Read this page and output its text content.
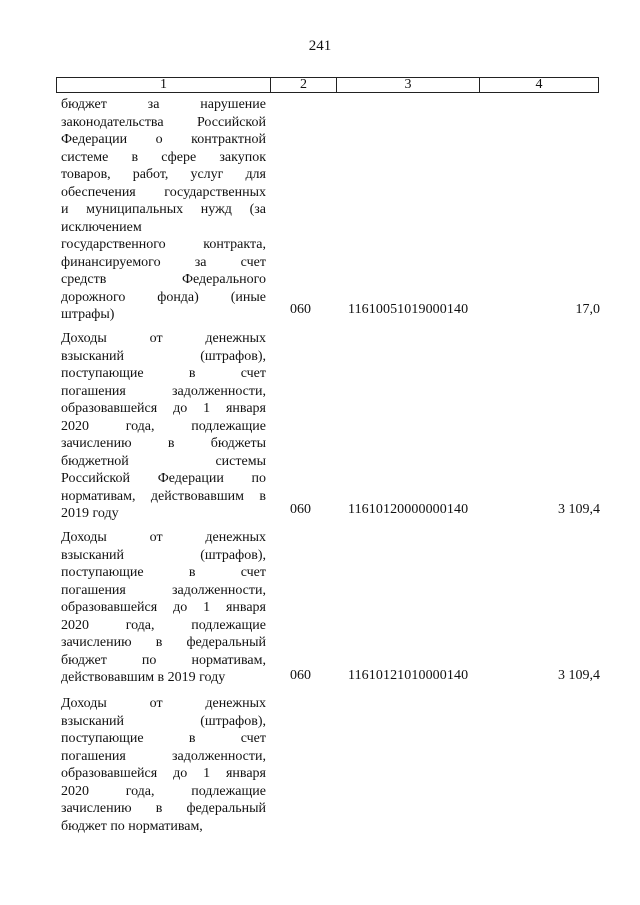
241
1	2	3	4
бюджет за нарушение
законодательства Российской
Федерации о контрактной
системе в сфере закупок
товаров, работ, услуг для
обеспечения государственных
и муниципальных нужд (за
исключением
государственного контракта,
финансируемого за счет
средств Федерального
дорожного фонда) (иные
штрафы)	060	11610051019000140	17,0
Доходы от денежных
взысканий (штрафов),
поступающие в счет
погашения задолженности,
образовавшейся до 1 января
2020 года, подлежащие
зачислению в бюджеты
бюджетной системы
Российской Федерации по
нормативам, действовавшим в
2019 году	060	11610120000000140	3 109,4
Доходы от денежных
взысканий (штрафов),
поступающие в счет
погашения задолженности,
образовавшейся до 1 января
2020 года, подлежащие
зачислению в федеральный
бюджет по нормативам,
действовавшим в 2019 году	060	11610121010000140	3 109,4
Доходы от денежных
взысканий (штрафов),
поступающие в счет
погашения задолженности,
образовавшейся до 1 января
2020 года, подлежащие
зачислению в федеральный
бюджет по нормативам,
